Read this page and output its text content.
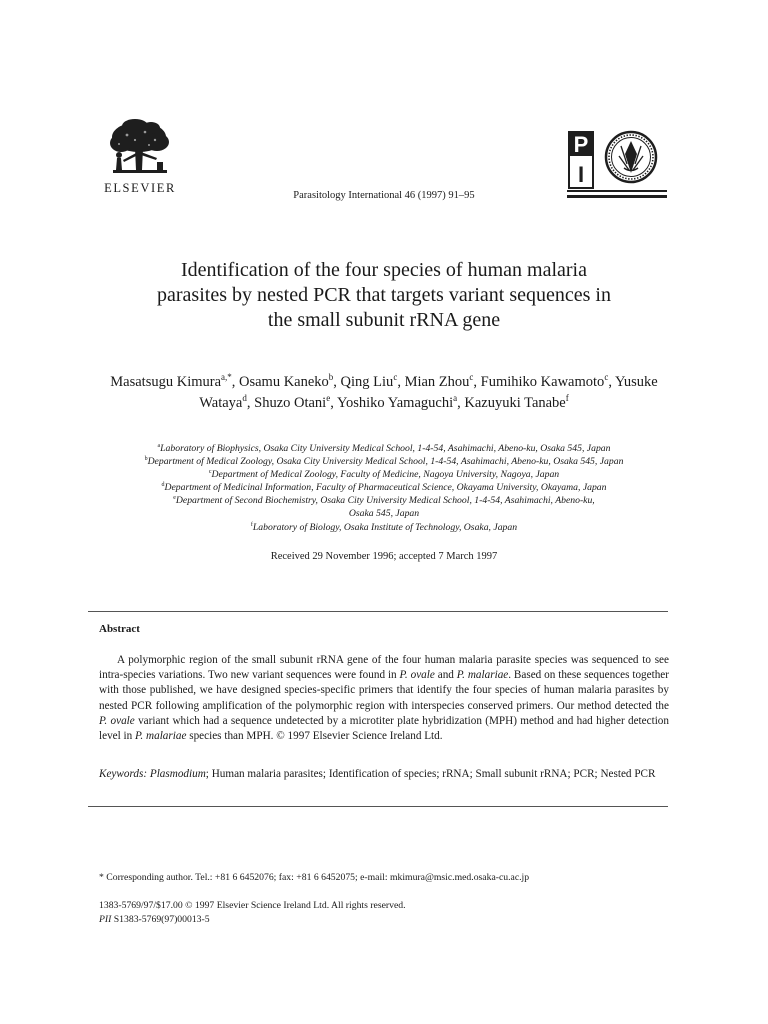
ELSEVIER
Parasitology International 46 (1997) 91–95
P
I
Identification of the four species of human malaria
parasites by nested PCR that targets variant sequences in
the small subunit rRNA gene
Masatsugu Kimura$^{a,*}$, Osamu Kaneko$^b$, Qing Liu$^c$, Mian Zhou$^c$, Fumihiko Kawamoto$^c$, Yusuke Wataya$^d$, Shuzo Otani$^e$, Yoshiko Yamaguchi$^a$, Kazuyuki Tanabe$^f$
$^a$Laboratory of Biophysics, Osaka City University Medical School, 1-4-54, Asahimachi, Abeno-ku, Osaka 545, Japan
$^b$Department of Medical Zoology, Osaka City University Medical School, 1-4-54, Asahimachi, Abeno-ku, Osaka 545, Japan
$^c$Department of Medical Zoology, Faculty of Medicine, Nagoya University, Nagoya, Japan
$^d$Department of Medicinal Information, Faculty of Pharmaceutical Science, Okayama University, Okayama, Japan
$^e$Department of Second Biochemistry, Osaka City University Medical School, 1-4-54, Asahimachi, Abeno-ku,
Osaka 545, Japan
$^f$Laboratory of Biology, Osaka Institute of Technology, Osaka, Japan
Received 29 November 1996; accepted 7 March 1997
Abstract
A polymorphic region of the small subunit rRNA gene of the four human malaria parasite species was sequenced to see intra-species variations. Two new variant sequences were found in P. ovale and P. malariae. Based on these sequences together with those published, we have designed species-specific primers that identify the four species of human malaria parasites by nested PCR following amplification of the polymorphic region with interspecies conserved primers. Our method detected the P. ovale variant which had a sequence undetected by a microtiter plate hybridization (MPH) method and had higher detection level in P. malariae species than MPH. © 1997 Elsevier Science Ireland Ltd.
Keywords: Plasmodium; Human malaria parasites; Identification of species; rRNA; Small subunit rRNA; PCR; Nested PCR
* Corresponding author. Tel.: +81 6 6452076; fax: +81 6 6452075; e-mail: mkimura@msic.med.osaka-cu.ac.jp
1383-5769/97/$17.00 © 1997 Elsevier Science Ireland Ltd. All rights reserved.
PII S1383-5769(97)00013-5
